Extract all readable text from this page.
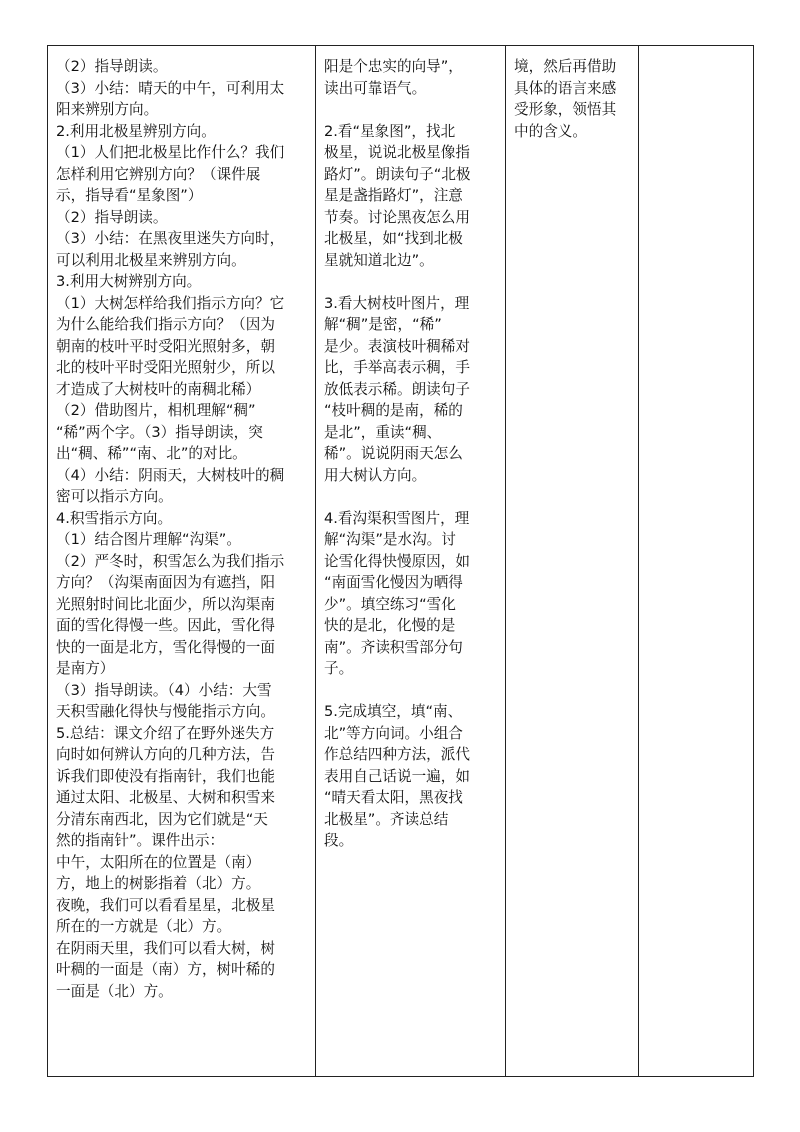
（2）指导朗读。
（3）小结：晴天的中午，可利用太
阳来辨别方向。
2.利用北极星辨别方向。
（1）人们把北极星比作什么？我们
怎样利用它辨别方向？（课件展
示，指导看“星象图”）
（2）指导朗读。
（3）小结：在黑夜里迷失方向时，
可以利用北极星来辨别方向。
3.利用大树辨别方向。
（1）大树怎样给我们指示方向？它
为什么能给我们指示方向？（因为
朝南的枝叶平时受阳光照射多，朝
北的枝叶平时受阳光照射少，所以
才造成了大树枝叶的南稠北稀）
（2）借助图片，相机理解“稠”
“稀”两个字。（3）指导朗读，突
出“稠、稀”“南、北”的对比。
（4）小结：阴雨天，大树枝叶的稠
密可以指示方向。
4.积雪指示方向。
（1）结合图片理解“沟渠”。
（2）严冬时，积雪怎么为我们指示
方向？（沟渠南面因为有遮挡，阳
光照射时间比北面少，所以沟渠南
面的雪化得慢一些。因此，雪化得
快的一面是北方，雪化得慢的一面
是南方）
（3）指导朗读。（4）小结：大雪
天积雪融化得快与慢能指示方向。
5.总结：课文介绍了在野外迷失方
向时如何辨认方向的几种方法，告
诉我们即使没有指南针，我们也能
通过太阳、北极星、大树和积雪来
分清东南西北，因为它们就是“天
然的指南针”。课件出示：
中午，太阳所在的位置是（南）
方，地上的树影指着（北）方。
夜晚，我们可以看看星星，北极星
所在的一方就是（北）方。
在阴雨天里，我们可以看大树，树
叶稠的一面是（南）方，树叶稀的
一面是（北）方。

阳是个忠实的向导”，
读出可靠语气。
2.看“星象图”，找北
极星，说说北极星像指
路灯”。朗读句子“北极
星是盏指路灯”，注意
节奏。讨论黑夜怎么用
北极星，如“找到北极
星就知道北边”。
3.看大树枝叶图片，理
解“稠”是密，“稀”
是少。表演枝叶稠稀对
比，手举高表示稠，手
放低表示稀。朗读句子
“枝叶稠的是南，稀的
是北”，重读“稠、
稀”。说说阴雨天怎么
用大树认方向。
4.看沟渠积雪图片，理
解“沟渠”是水沟。讨
论雪化得快慢原因，如
“南面雪化慢因为晒得
少”。填空练习“雪化
快的是北，化慢的是
南”。齐读积雪部分句
子。
5.完成填空，填“南、
北”等方向词。小组合
作总结四种方法，派代
表用自己话说一遍，如
“晴天看太阳，黑夜找
北极星”。齐读总结
段。

境，然后再借助
具体的语言来感
受形象，领悟其
中的含义。
